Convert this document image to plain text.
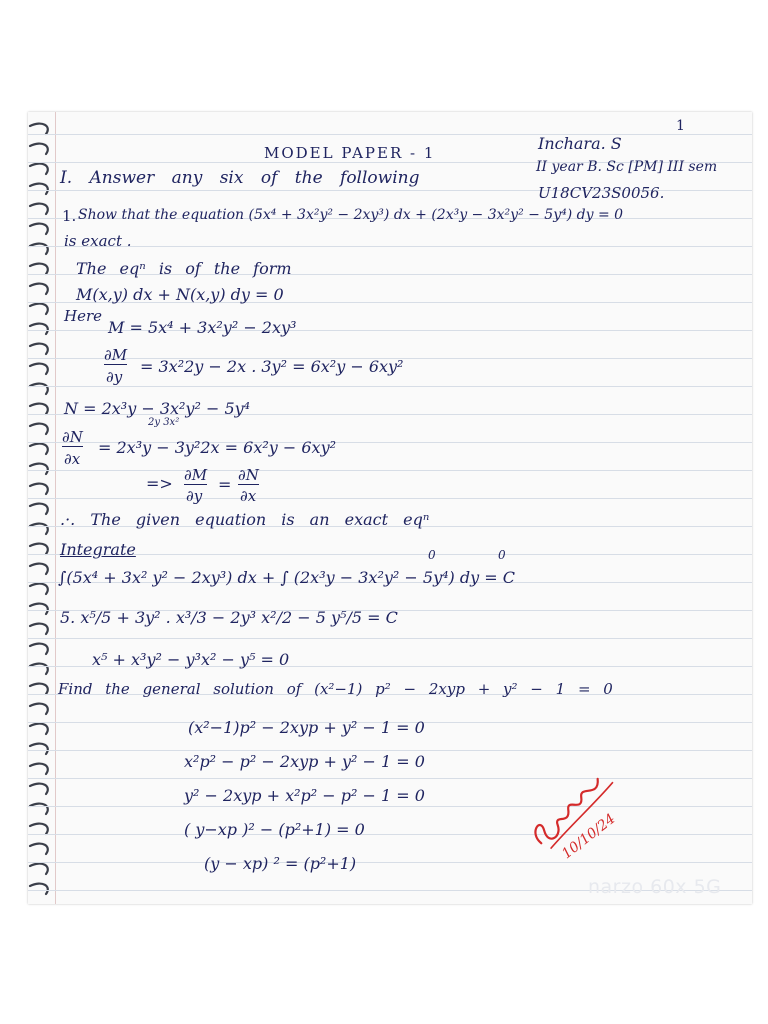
1
MODEL PAPER - 1	Inchara. S
II year B. Sc [PM] III sem
U18CV23S0056.
I. Answer any six of the following
1. Show that the equation (5x⁴ + 3x²y² − 2xy³) dx + (2x³y − 3x²y² − 5y⁴) dy = 0
is exact .
The eqⁿ is of the form
M(x,y) dx + N(x,y) dy = 0
Here
M = 5x⁴ + 3x²y² − 2xy³
∂M
∂y
= 3x²2y − 2x . 3y² = 6x²y − 6xy²
N = 2x³y − 3x²y² − 5y⁴
2y 3x²
∂N
∂x
= 2x³y − 3y²2x = 6x²y − 6xy²
=> ∂M
∂y
= ∂N
∂x
.·. The given equation is an exact eqⁿ
Integrate	0	0
∫(5x⁴ + 3x² y² − 2xy³) dx + ∫ (2x³y − 3x²y² − 5y⁴) dy = C
5. x⁵/5 + 3y² . x³/3 − 2y³ x²/2 − 5 y⁵/5 = C
x⁵ + x³y² − y³x² − y⁵ = 0
Find the general solution of (x²−1) p² − 2xyp + y² − 1 = 0
(x²−1)p² − 2xyp + y² − 1 = 0
x²p² − p² − 2xyp + y² − 1 = 0
y² − 2xyp + x²p² − p² − 1 = 0
( y−xp )² − (p²+1) = 0
(y − xp) ² = (p²+1)
10/10/24
narzo 60x 5G
